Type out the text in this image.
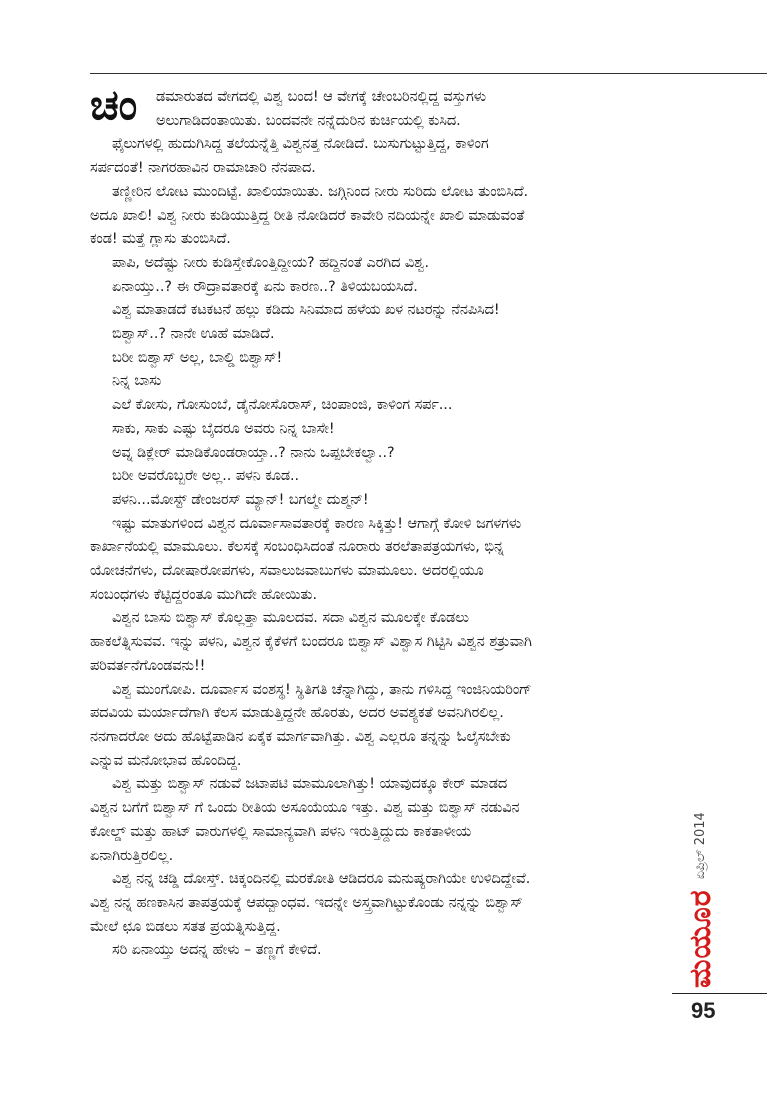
ಚಂ ಡಮಾರುತದ ವೇಗದಲ್ಲಿ ವಿಶ್ವ ಬಂದ! ಆ ವೇಗಕ್ಕೆ ಚೇಂಬರಿನಲ್ಲಿದ್ದ ವಸ್ತುಗಳು
ಅಲುಗಾಡಿದಂತಾಯಿತು. ಬಂದವನೇ ನನ್ನೆದುರಿನ ಕುರ್ಚಿಯಲ್ಲಿ ಕುಸಿದ.

ಫೈಲುಗಳಲ್ಲಿ ಹುದುಗಿಸಿದ್ದ ತಲೆಯನ್ನೆತ್ತಿ ವಿಶ್ವನತ್ತ ನೋಡಿದೆ. ಬುಸುಗುಟ್ಟುತ್ತಿದ್ದ, ಕಾಳಿಂಗ
ಸರ್ಪದಂತೆ! ನಾಗರಹಾವಿನ ರಾಮಾಚಾರಿ ನೆನಪಾದ.

ತಣ್ಣೀರಿನ ಲೋಟ ಮುಂದಿಟ್ಟೆ. ಖಾಲಿಯಾಯಿತು. ಜಗ್ಗಿನಿಂದ ನೀರು ಸುರಿದು ಲೋಟ ತುಂಬಿಸಿದೆ.
ಅದೂ ಖಾಲಿ! ವಿಶ್ವ ನೀರು ಕುಡಿಯುತ್ತಿದ್ದ ರೀತಿ ನೋಡಿದರೆ ಕಾವೇರಿ ನದಿಯನ್ನೇ ಖಾಲಿ ಮಾಡುವಂತೆ
ಕಂಡ! ಮತ್ತೆ ಗ್ಲಾಸು ತುಂಬಿಸಿದೆ.

ಪಾಪಿ, ಅದೆಷ್ಟು ನೀರು ಕುಡಿಸ್ತೇಕೊಂತ್ತಿದ್ದೀಯ? ಹದ್ದಿನಂತೆ ಎರಗಿದ ವಿಶ್ವ.

ಏನಾಯ್ತು..? ಈ ರೌದ್ರಾವತಾರಕ್ಕೆ ಏನು ಕಾರಣ..? ತಿಳಿಯಬಯಸಿದೆ.

ವಿಶ್ವ ಮಾತಾಡದೆ ಕಟಕಟನೆ ಹಲ್ಲು ಕಡಿದು ಸಿನಿಮಾದ ಹಳೆಯ ಖಳ ನಟರನ್ನು ನೆನಪಿಸಿದ!

ಬಿಶ್ವಾಸ್..? ನಾನೇ ಊಹೆ ಮಾಡಿದೆ.

ಬರೀ ಬಿಶ್ವಾಸ್ ಅಲ್ಲ, ಬಾಲ್ಡಿ ಬಿಶ್ವಾಸ್!

ನಿನ್ನ ಬಾಸು

ಎಲೆ ಕೋಸು, ಗೋಸುಂಬೆ, ಡೈನೋಸೊರಾಸ್, ಚಿಂಪಾಂಜಿ, ಕಾಳಿಂಗ ಸರ್ಪ...

ಸಾಕು, ಸಾಕು ಎಷ್ಟು ಬೈದರೂ ಅವರು ನಿನ್ನ ಬಾಸೇ!

ಅವ್ನ ಡಿಕ್ಲೇರ್ ಮಾಡಿಕೊಂಡರಾಯ್ತಾ..? ನಾನು ಒಪ್ಪಬೇಕಲ್ವಾ..?

ಬರೀ ಅವರೊಬ್ಬರೇ ಅಲ್ಲ.. ಪಳನಿ ಕೂಡ..

ಪಳನಿ...ಮೋಸ್ಟ್ ಡೇಂಜರಸ್ ಮ್ಯಾನ್! ಬಗಲ್ಮೇ ದುಶ್ಮನ್!

ಇಷ್ಟು ಮಾತುಗಳಿಂದ ವಿಶ್ವನ ದೂರ್ವಾಸಾವತಾರಕ್ಕೆ ಕಾರಣ ಸಿಕ್ಕಿತ್ತು! ಆಗಾಗ್ಗೆ ಕೋಳಿ ಜಗಳಗಳು
ಕಾರ್ಖಾನೆಯಲ್ಲಿ ಮಾಮೂಲು. ಕೆಲಸಕ್ಕೆ ಸಂಬಂಧಿಸಿದಂತೆ ನೂರಾರು ತರಲೆತಾಪತ್ರಯಗಳು, ಭಿನ್ನ
ಯೋಚನೆಗಳು, ದೋಷಾರೋಪಗಳು, ಸವಾಲುಜವಾಬುಗಳು ಮಾಮೂಲು. ಅದರಲ್ಲಿಯೂ
ಸಂಬಂಧಗಳು ಕೆಟ್ಟಿದ್ದರಂತೂ ಮುಗಿದೇ ಹೋಯಿತು.

ವಿಶ್ವನ ಬಾಸು ಬಿಶ್ವಾಸ್ ಕೊಲ್ಲತ್ತಾ ಮೂಲದವ. ಸದಾ ವಿಶ್ವನ ಮೂಲಕ್ಕೇ ಕೊಡಲು
ಹಾಕಲೆತ್ನಿಸುವವ. ಇನ್ನು ಪಳನಿ, ವಿಶ್ವನ ಕೈಕೆಳಗೆ ಬಂದರೂ ಬಿಶ್ವಾಸ್ ವಿಶ್ವಾಸ ಗಿಟ್ಟಿಸಿ ವಿಶ್ವನ ಶತ್ರುವಾಗಿ
ಪರಿವರ್ತನೆಗೊಂಡವನು!!

ವಿಶ್ವ ಮುಂಗೋಪಿ. ದೂರ್ವಾಸ ವಂಶಸ್ಥ! ಸ್ಥಿತಿಗತಿ ಚೆನ್ನಾಗಿದ್ದು, ತಾನು ಗಳಿಸಿದ್ದ ಇಂಜಿನಿಯರಿಂಗ್
ಪದವಿಯ ಮರ್ಯಾದೆಗಾಗಿ ಕೆಲಸ ಮಾಡುತ್ತಿದ್ದನೇ ಹೊರತು, ಅದರ ಅವಶ್ಯಕತೆ ಅವನಿಗಿರಲಿಲ್ಲ.
ನನಗಾದರೋ ಅದು ಹೊಟ್ಟೆಪಾಡಿನ ಏಕೈಕ ಮಾರ್ಗವಾಗಿತ್ತು. ವಿಶ್ವ ಎಲ್ಲರೂ ತನ್ನನ್ನು ಓಲೈಸಬೇಕು
ಎನ್ನುವ ಮನೋಭಾವ ಹೊಂದಿದ್ದ.

ವಿಶ್ವ ಮತ್ತು ಬಿಶ್ವಾಸ್ ನಡುವೆ ಜಟಾಪಟಿ ಮಾಮೂಲಾಗಿತ್ತು! ಯಾವುದಕ್ಕೂ ಕೇರ್ ಮಾಡದ
ವಿಶ್ವನ ಬಗೆಗೆ ಬಿಶ್ವಾಸ್ ಗೆ ಒಂದು ರೀತಿಯ ಅಸೂಯೆಯೂ ಇತ್ತು. ವಿಶ್ವ ಮತ್ತು ಬಿಶ್ವಾಸ್ ನಡುವಿನ
ಕೋಲ್ಡ್ ಮತ್ತು ಹಾಟ್ ವಾರುಗಳಲ್ಲಿ ಸಾಮಾನ್ಯವಾಗಿ ಪಳನಿ ಇರುತ್ತಿದ್ದುದು ಕಾಕತಾಳೀಯ
ಏನಾಗಿರುತ್ತಿರಲಿಲ್ಲ.

ವಿಶ್ವ ನನ್ನ ಚಡ್ಡಿ ದೋಸ್ತ್. ಚಿಕ್ಕಂದಿನಲ್ಲಿ ಮರಕೋತಿ ಆಡಿದರೂ ಮನುಷ್ಯರಾಗಿಯೇ ಉಳಿದಿದ್ದೇವೆ.
ವಿಶ್ವ ನನ್ನ ಹಣಕಾಸಿನ ತಾಪತ್ರಯಕ್ಕೆ ಆಪದ್ಬಾಂಧವ. ಇದನ್ನೇ ಅಸ್ತ್ರವಾಗಿಟ್ಟುಕೊಂಡು ನನ್ನನ್ನು ಬಿಶ್ವಾಸ್
ಮೇಲೆ ಛೂ ಬಿಡಲು ಸತತ ಪ್ರಯತ್ನಿಸುತ್ತಿದ್ದ.

ಸರಿ ಏನಾಯ್ತು ಅದನ್ನ ಹೇಳು – ತಣ್ಣಗೆ ಕೇಳಿದೆ.	ಮಯೂರ
ಏಪ್ರಿಲ್ 2014
95
